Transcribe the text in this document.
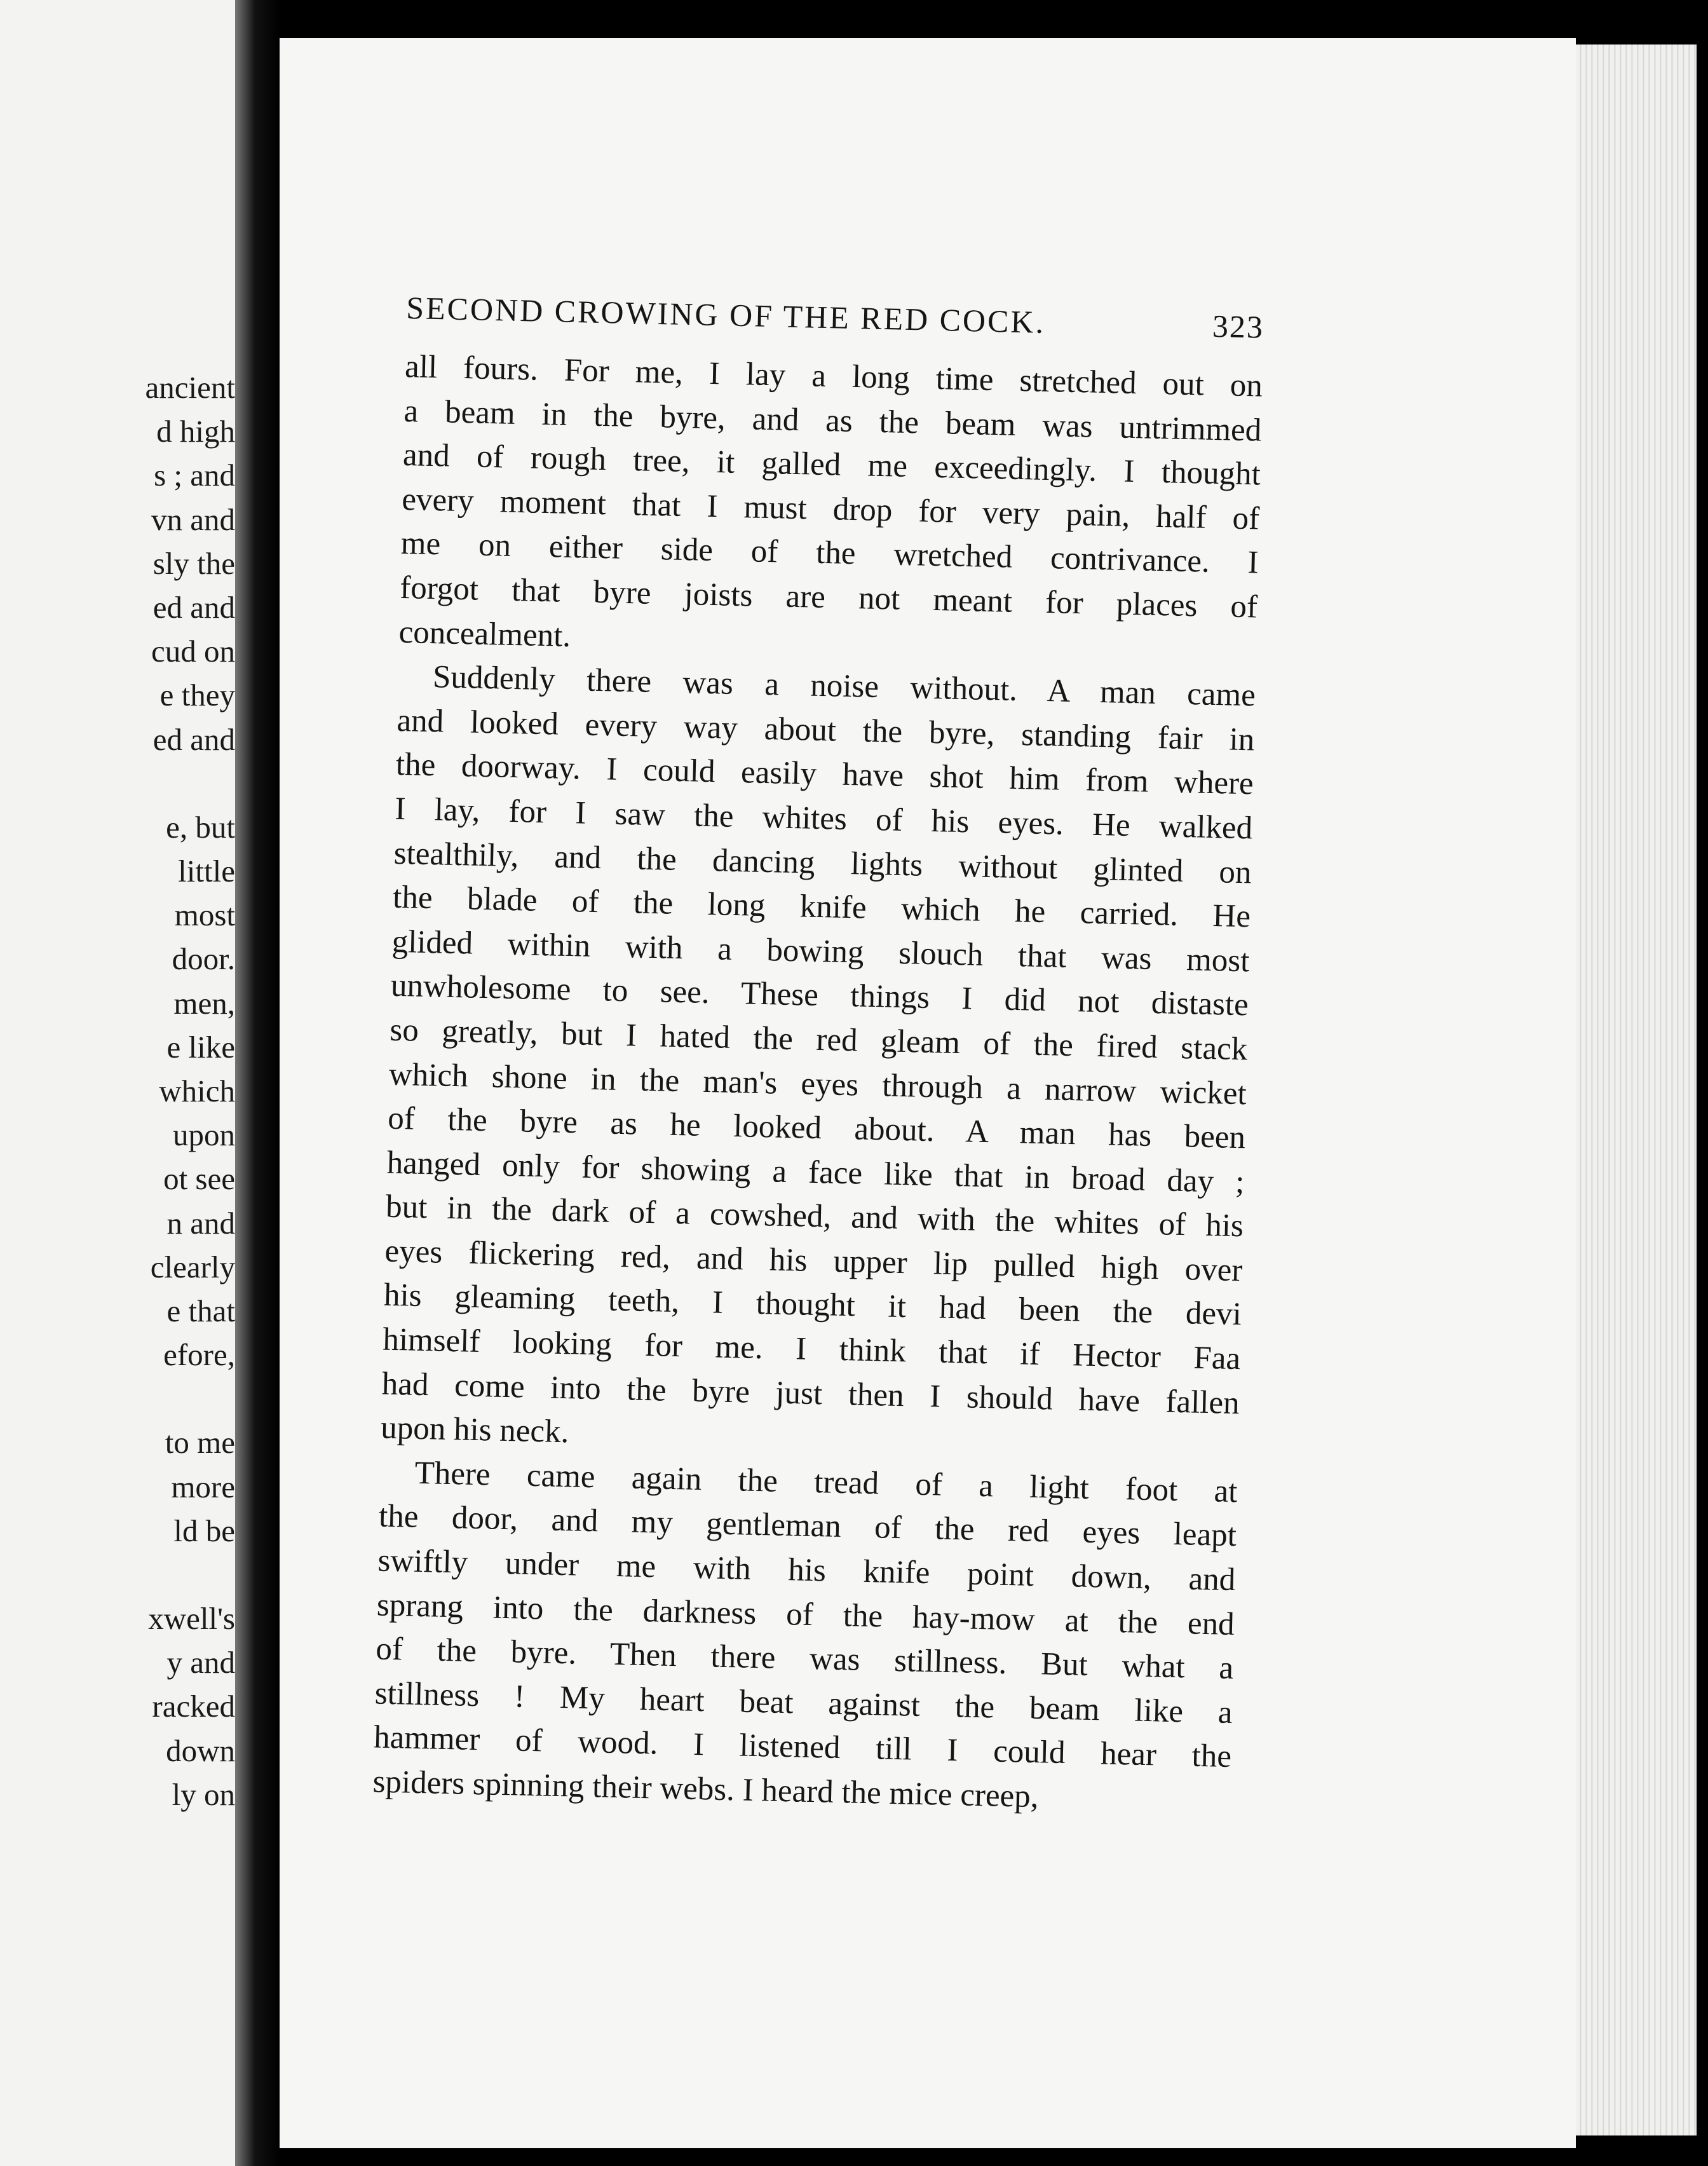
ancient
d high
s ; and
vn and
sly the
ed and
cud on
e they
ed and
e, but
little
most
door.
men,
e like
which
upon
ot see
n and
clearly
e that
efore,
to me
more
ld be
xwell's
y and
racked
down
ly on
SECOND CROWING OF THE RED COCK.	323
all fours. For me, I lay a long time stretched out on
a beam in the byre, and as the beam was untrimmed
and of rough tree, it galled me exceedingly. I thought
every moment that I must drop for very pain, half of
me on either side of the wretched contrivance. I
forgot that byre joists are not meant for places of
concealment.
Suddenly there was a noise without. A man came
and looked every way about the byre, standing fair in
the doorway. I could easily have shot him from where
I lay, for I saw the whites of his eyes. He walked
stealthily, and the dancing lights without glinted on
the blade of the long knife which he carried. He
glided within with a bowing slouch that was most
unwholesome to see. These things I did not distaste
so greatly, but I hated the red gleam of the fired stack
which shone in the man's eyes through a narrow wicket
of the byre as he looked about. A man has been
hanged only for showing a face like that in broad day ;
but in the dark of a cowshed, and with the whites of his
eyes flickering red, and his upper lip pulled high over
his gleaming teeth, I thought it had been the devi
himself looking for me. I think that if Hector Faa
had come into the byre just then I should have fallen
upon his neck.
There came again the tread of a light foot at
the door, and my gentleman of the red eyes leapt
swiftly under me with his knife point down, and
sprang into the darkness of the hay-mow at the end
of the byre. Then there was stillness. But what a
stillness ! My heart beat against the beam like a
hammer of wood. I listened till I could hear the
spiders spinning their webs. I heard the mice creep,
